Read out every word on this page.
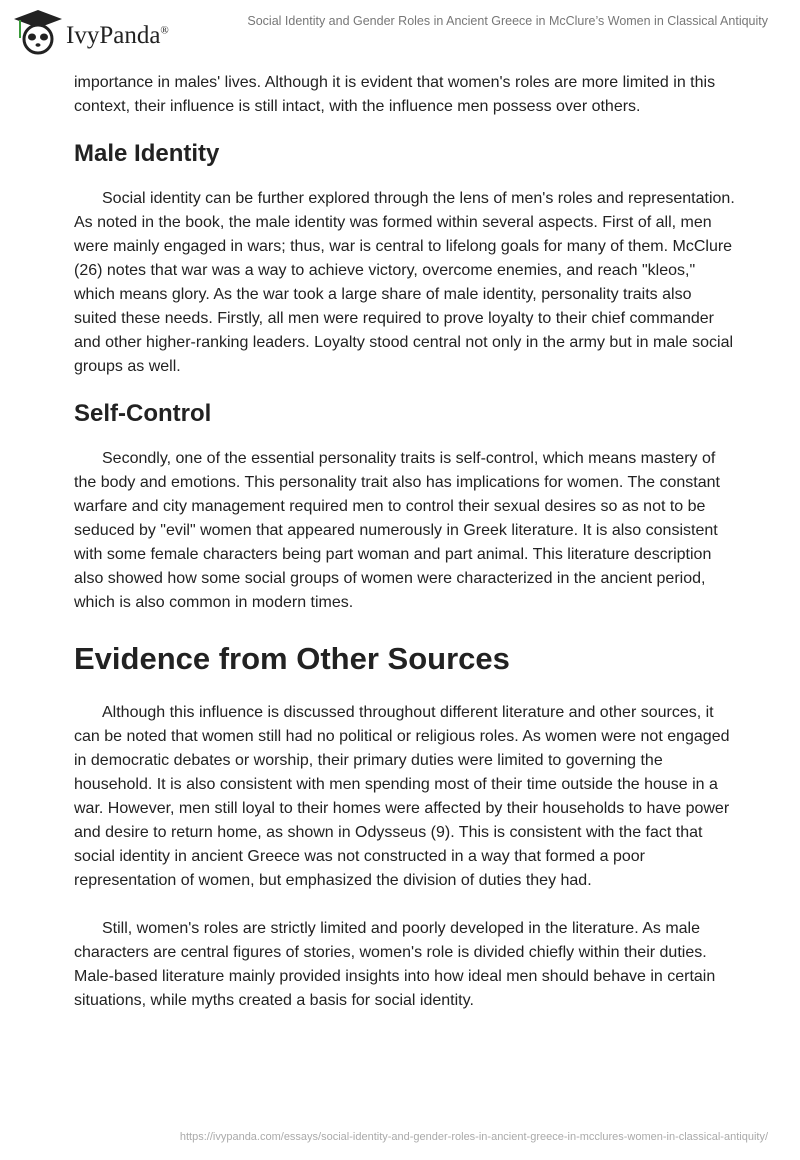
IvyPanda®
Social Identity and Gender Roles in Ancient Greece in McClure’s Women in Classical Antiquity

importance in males' lives. Although it is evident that women's roles are more limited in this context, their influence is still intact, with the influence men possess over others.

Male Identity

Social identity can be further explored through the lens of men's roles and representation. As noted in the book, the male identity was formed within several aspects. First of all, men were mainly engaged in wars; thus, war is central to lifelong goals for many of them. McClure (26) notes that war was a way to achieve victory, overcome enemies, and reach "kleos," which means glory. As the war took a large share of male identity, personality traits also suited these needs. Firstly, all men were required to prove loyalty to their chief commander and other higher-ranking leaders. Loyalty stood central not only in the army but in male social groups as well.

Self-Control

Secondly, one of the essential personality traits is self-control, which means mastery of the body and emotions. This personality trait also has implications for women. The constant warfare and city management required men to control their sexual desires so as not to be seduced by "evil" women that appeared numerously in Greek literature. It is also consistent with some female characters being part woman and part animal. This literature description also showed how some social groups of women were characterized in the ancient period, which is also common in modern times.

Evidence from Other Sources

Although this influence is discussed throughout different literature and other sources, it can be noted that women still had no political or religious roles. As women were not engaged in democratic debates or worship, their primary duties were limited to governing the household. It is also consistent with men spending most of their time outside the house in a war. However, men still loyal to their homes were affected by their households to have power and desire to return home, as shown in Odysseus (9). This is consistent with the fact that social identity in ancient Greece was not constructed in a way that formed a poor representation of women, but emphasized the division of duties they had.

Still, women's roles are strictly limited and poorly developed in the literature. As male characters are central figures of stories, women's role is divided chiefly within their duties. Male-based literature mainly provided insights into how ideal men should behave in certain situations, while myths created a basis for social identity.

https://ivypanda.com/essays/social-identity-and-gender-roles-in-ancient-greece-in-mcclures-women-in-classical-antiquity/
